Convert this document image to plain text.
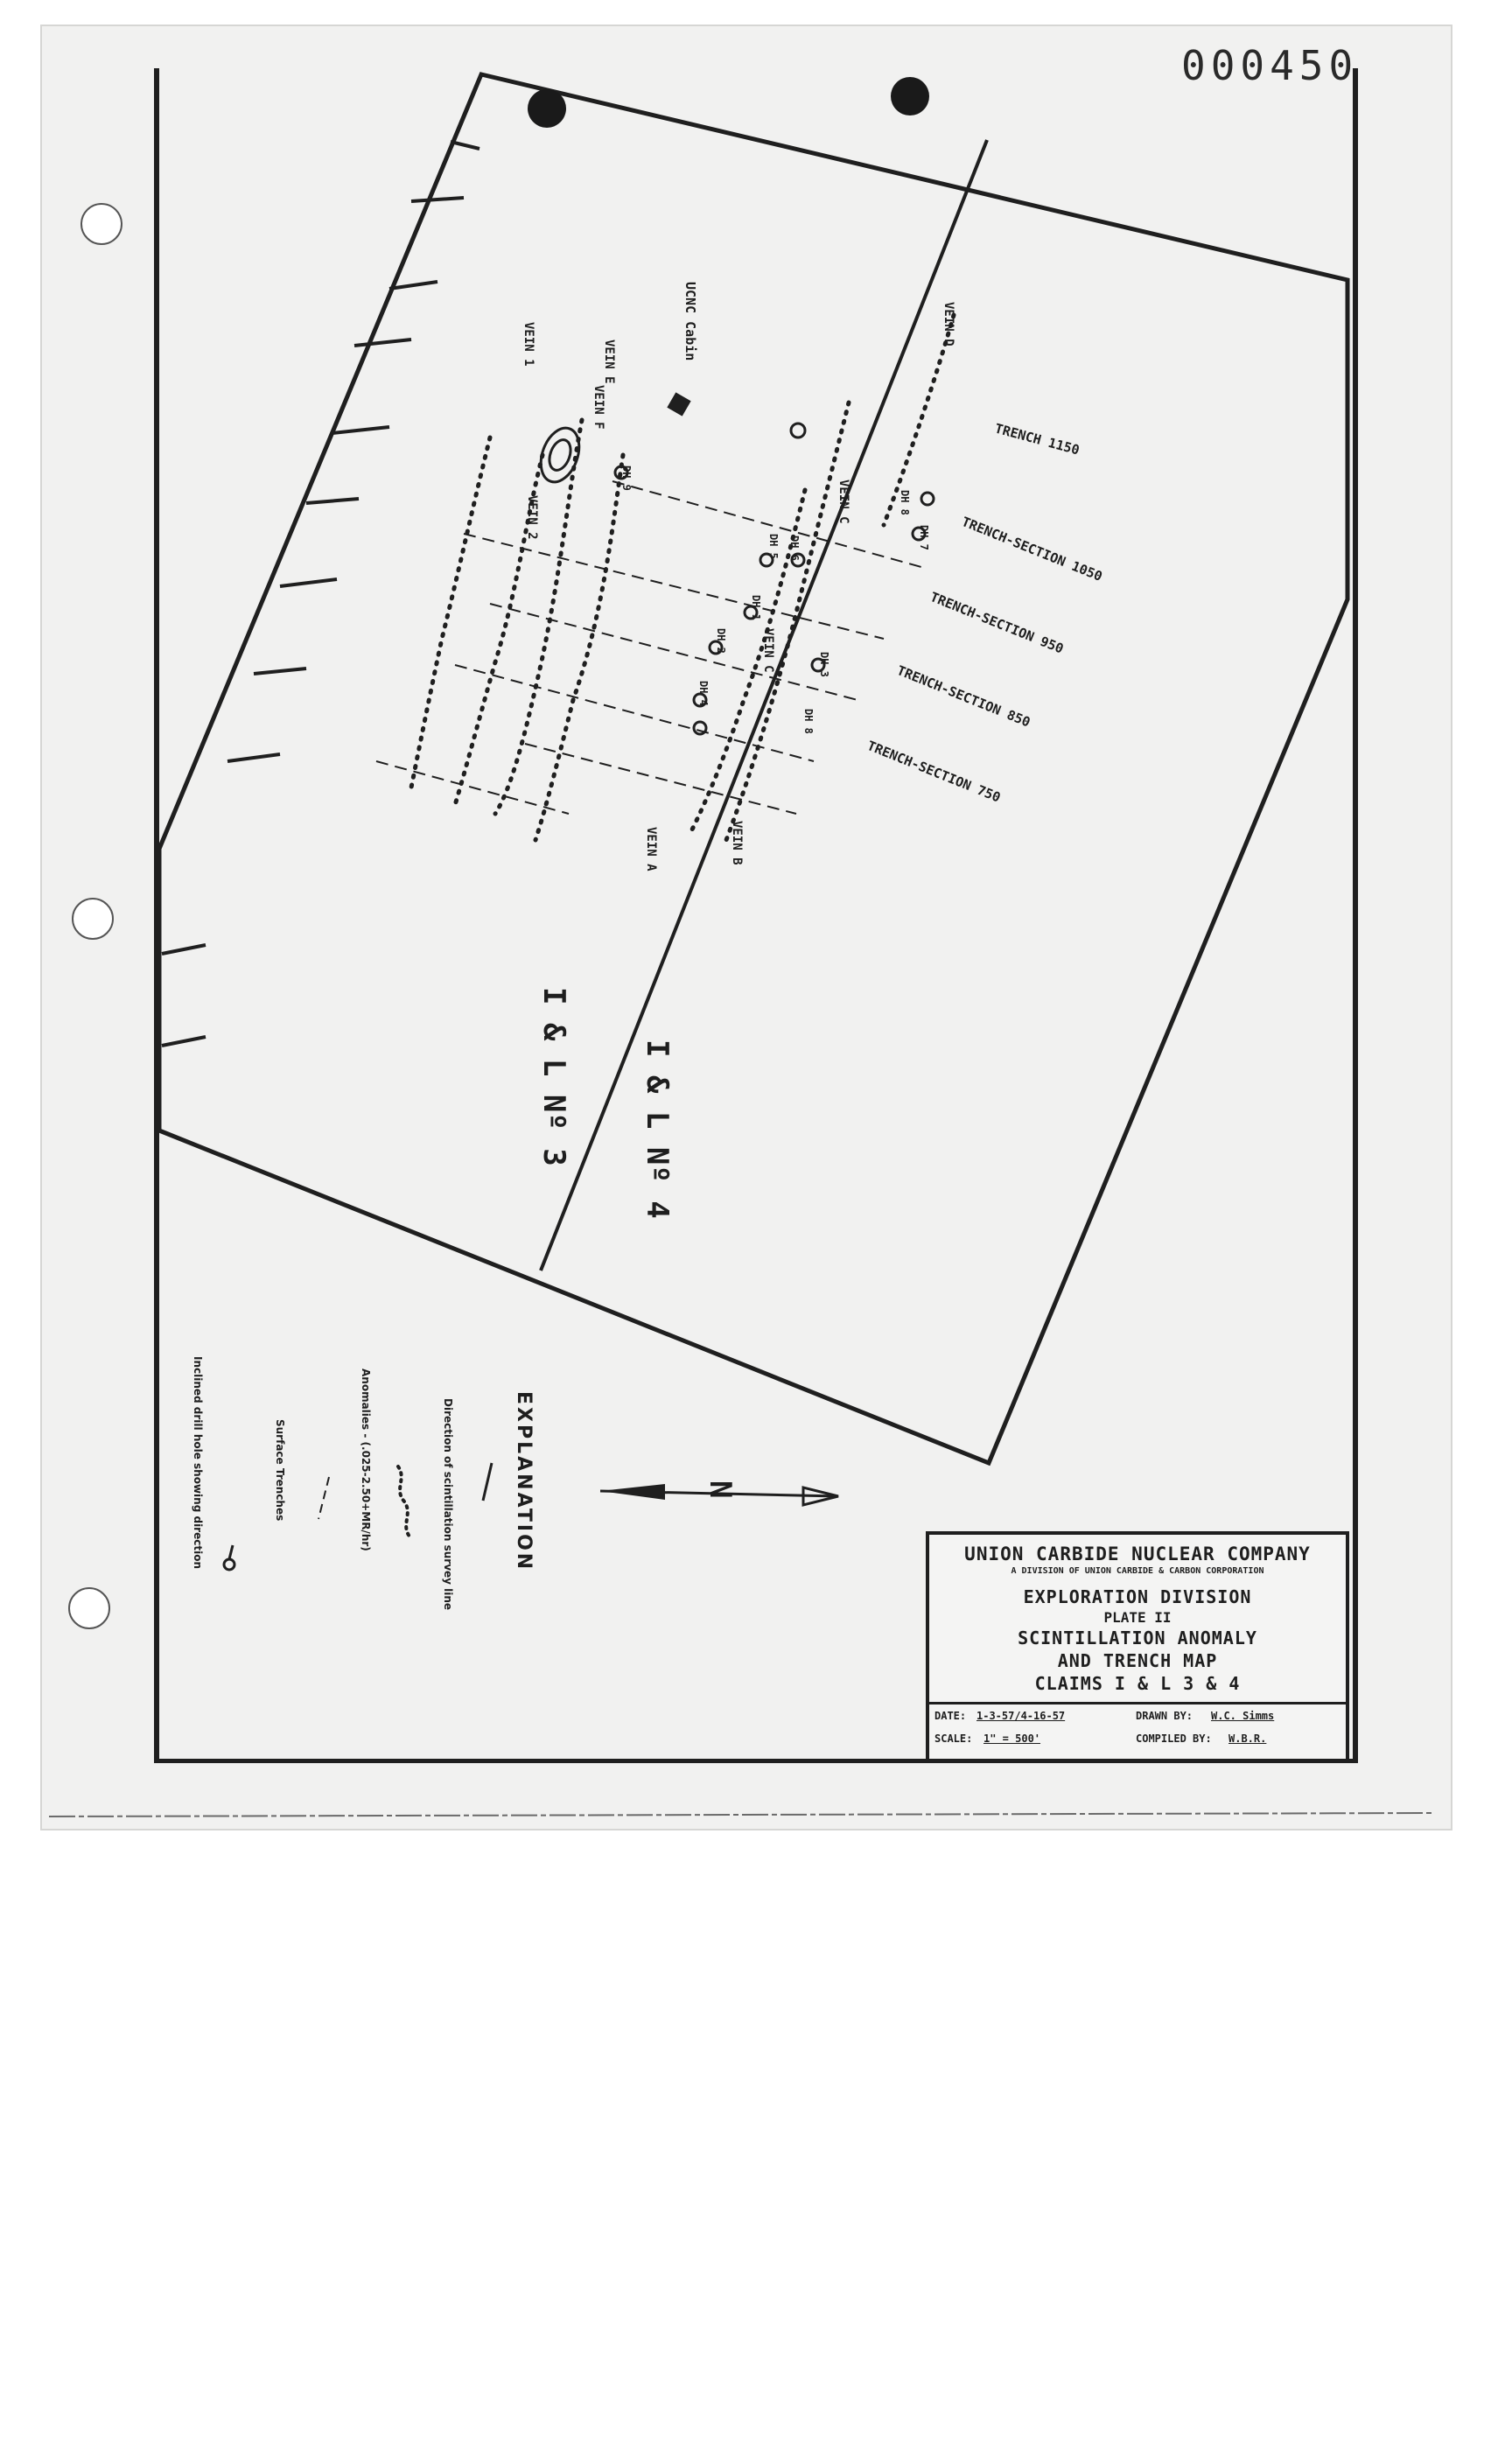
000450
VEIN D
VEIN C
VEIN B
VEIN A
VEIN 1
VEIN 2
VEIN E
VEIN F
VEIN C
UCNC Cabin
TRENCH 1150
TRENCH-SECTION 1050
TRENCH-SECTION 950
TRENCH-SECTION 850
TRENCH-SECTION 750
DH 9
DH 8
DH 7
DH 6
DH 5
DH 3
DH 1
DH 2
DH 4
DH 8
I & L Nº 3 I & L Nº 4
N
EXPLANATION
Direction of scintillation survey line
Anomalies - (.025-2.50+MR/hr)
Surface Trenches
Inclined drill hole showing direction	UNION CARBIDE NUCLEAR COMPANY
A DIVISION OF UNION CARBIDE & CARBON CORPORATION
EXPLORATION DIVISION
PLATE II
SCINTILLATION ANOMALY
AND TRENCH MAP
CLAIMS I & L 3 & 4
DATE: 1-3-57/4-16-57	DRAWN BY: W.C. Simms
SCALE: 1" = 500'	COMPILED BY: W.B.R.
